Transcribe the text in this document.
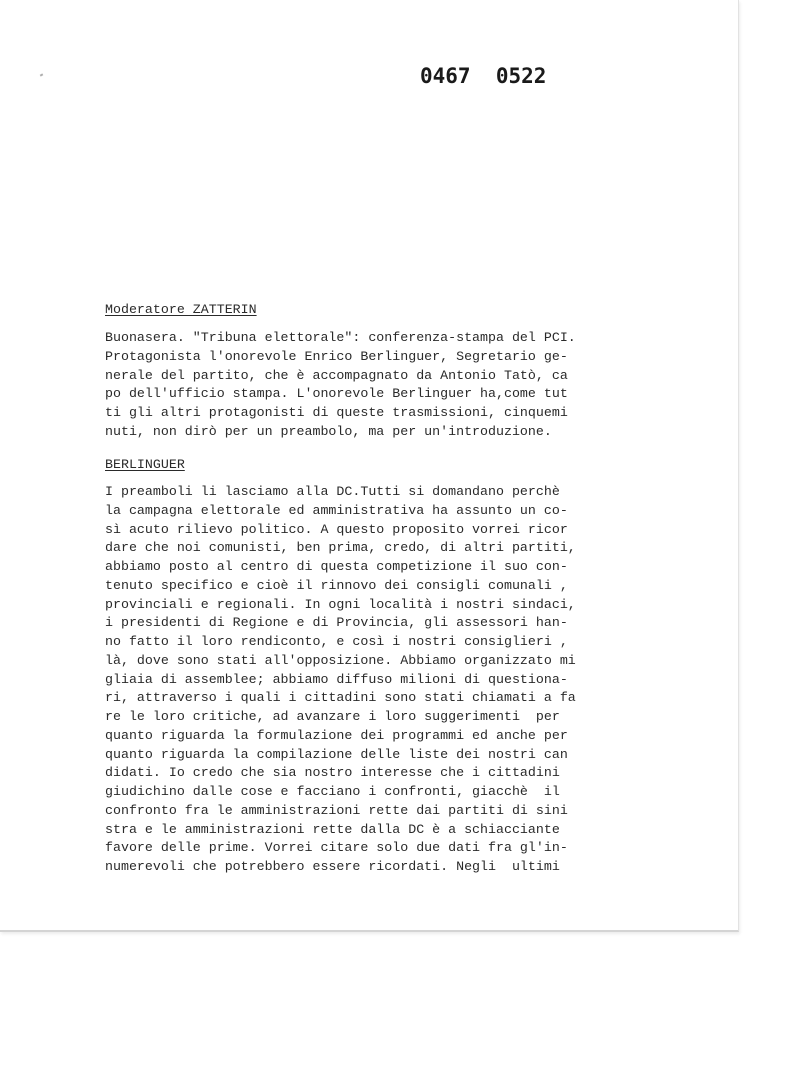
0467  0522

Moderatore ZATTERIN

Buonasera. "Tribuna elettorale": conferenza-stampa del PCI.
Protagonista l'onorevole Enrico Berlinguer, Segretario ge-
nerale del partito, che è accompagnato da Antonio Tatò, ca
po dell'ufficio stampa. L'onorevole Berlinguer ha,come tut
ti gli altri protagonisti di queste trasmissioni, cinquemi
nuti, non dirò per un preambolo, ma per un'introduzione.

BERLINGUER

I preamboli li lasciamo alla DC.Tutti si domandano perchè
la campagna elettorale ed amministrativa ha assunto un co-
sì acuto rilievo politico. A questo proposito vorrei ricor
dare che noi comunisti, ben prima, credo, di altri partiti,
abbiamo posto al centro di questa competizione il suo con-
tenuto specifico e cioè il rinnovo dei consigli comunali ,
provinciali e regionali. In ogni località i nostri sindaci,
i presidenti di Regione e di Provincia, gli assessori han-
no fatto il loro rendiconto, e così i nostri consiglieri ,
là, dove sono stati all'opposizione. Abbiamo organizzato mi
gliaia di assemblee; abbiamo diffuso milioni di questiona-
ri, attraverso i quali i cittadini sono stati chiamati a fa
re le loro critiche, ad avanzare i loro suggerimenti  per
quanto riguarda la formulazione dei programmi ed anche per
quanto riguarda la compilazione delle liste dei nostri can
didati. Io credo che sia nostro interesse che i cittadini
giudichino dalle cose e facciano i confronti, giacchè  il
confronto fra le amministrazioni rette dai partiti di sini
stra e le amministrazioni rette dalla DC è a schiacciante
favore delle prime. Vorrei citare solo due dati fra gl'in-
numerevoli che potrebbero essere ricordati. Negli  ultimi
